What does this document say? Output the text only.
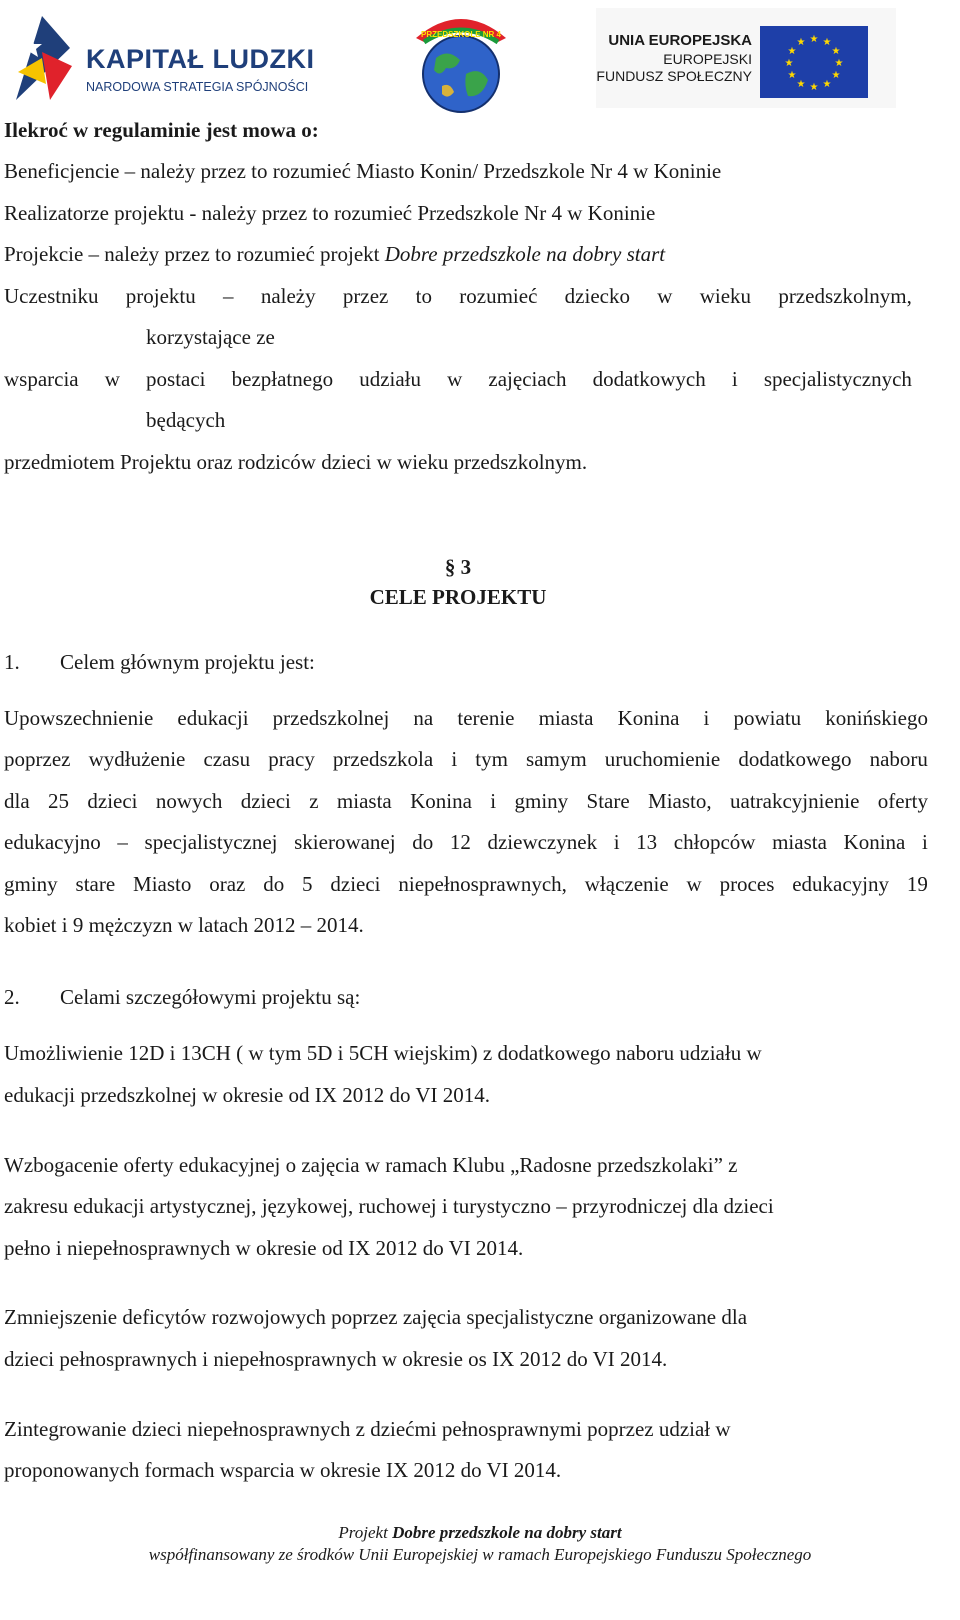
KAPITAŁ LUDZKI
NARODOWA STRATEGIA SPÓJNOŚCI
PRZEDSZKOLE NR 4	UNIA EUROPEJSKA
EUROPEJSKI
FUNDUSZ SPOŁECZNY
★ ★
★
★
★
★
★
★
★
★
★
★
Ilekroć w regulaminie jest mowa o:
Beneficjencie – należy przez to rozumieć Miasto Konin/ Przedszkole Nr 4 w Koninie
Realizatorze projektu - należy przez to rozumieć Przedszkole Nr 4 w Koninie
Projekcie – należy przez to rozumieć projekt Dobre przedszkole na dobry start
Uczestniku projektu – należy przez to rozumieć dziecko w wieku przedszkolnym,
korzystające ze
wsparcia w postaci bezpłatnego udziału w zajęciach dodatkowych i specjalistycznych
będących
przedmiotem Projektu oraz rodziców dzieci w wieku przedszkolnym.
§ 3
CELE PROJEKTU
1. Celem głównym projektu jest:
Upowszechnienie edukacji przedszkolnej na terenie miasta Konina i powiatu konińskiego
poprzez wydłużenie czasu pracy przedszkola i tym samym uruchomienie dodatkowego naboru
dla 25 dzieci nowych dzieci z miasta Konina i gminy Stare Miasto, uatrakcyjnienie oferty
edukacyjno – specjalistycznej skierowanej do 12 dziewczynek i 13 chłopców miasta Konina i
gminy stare Miasto oraz do 5 dzieci niepełnosprawnych, włączenie w proces edukacyjny 19
kobiet i 9 mężczyzn w latach 2012 – 2014.
2. Celami szczegółowymi projektu są:
Umożliwienie 12D i 13CH ( w tym 5D i 5CH wiejskim) z dodatkowego naboru udziału w
edukacji przedszkolnej w okresie od IX 2012 do VI 2014.
Wzbogacenie oferty edukacyjnej o zajęcia w ramach Klubu „Radosne przedszkolaki” z
zakresu edukacji artystycznej, językowej, ruchowej i turystyczno – przyrodniczej dla dzieci
pełno i niepełnosprawnych w okresie od IX 2012 do VI 2014.
Zmniejszenie deficytów rozwojowych poprzez zajęcia specjalistyczne organizowane dla
dzieci pełnosprawnych i niepełnosprawnych w okresie os IX 2012 do VI 2014.
Zintegrowanie dzieci niepełnosprawnych z dziećmi pełnosprawnymi poprzez udział w
proponowanych formach wsparcia w okresie IX 2012 do VI 2014.
Projekt Dobre przedszkole na dobry start
współfinansowany ze środków Unii Europejskiej w ramach Europejskiego Funduszu Społecznego
